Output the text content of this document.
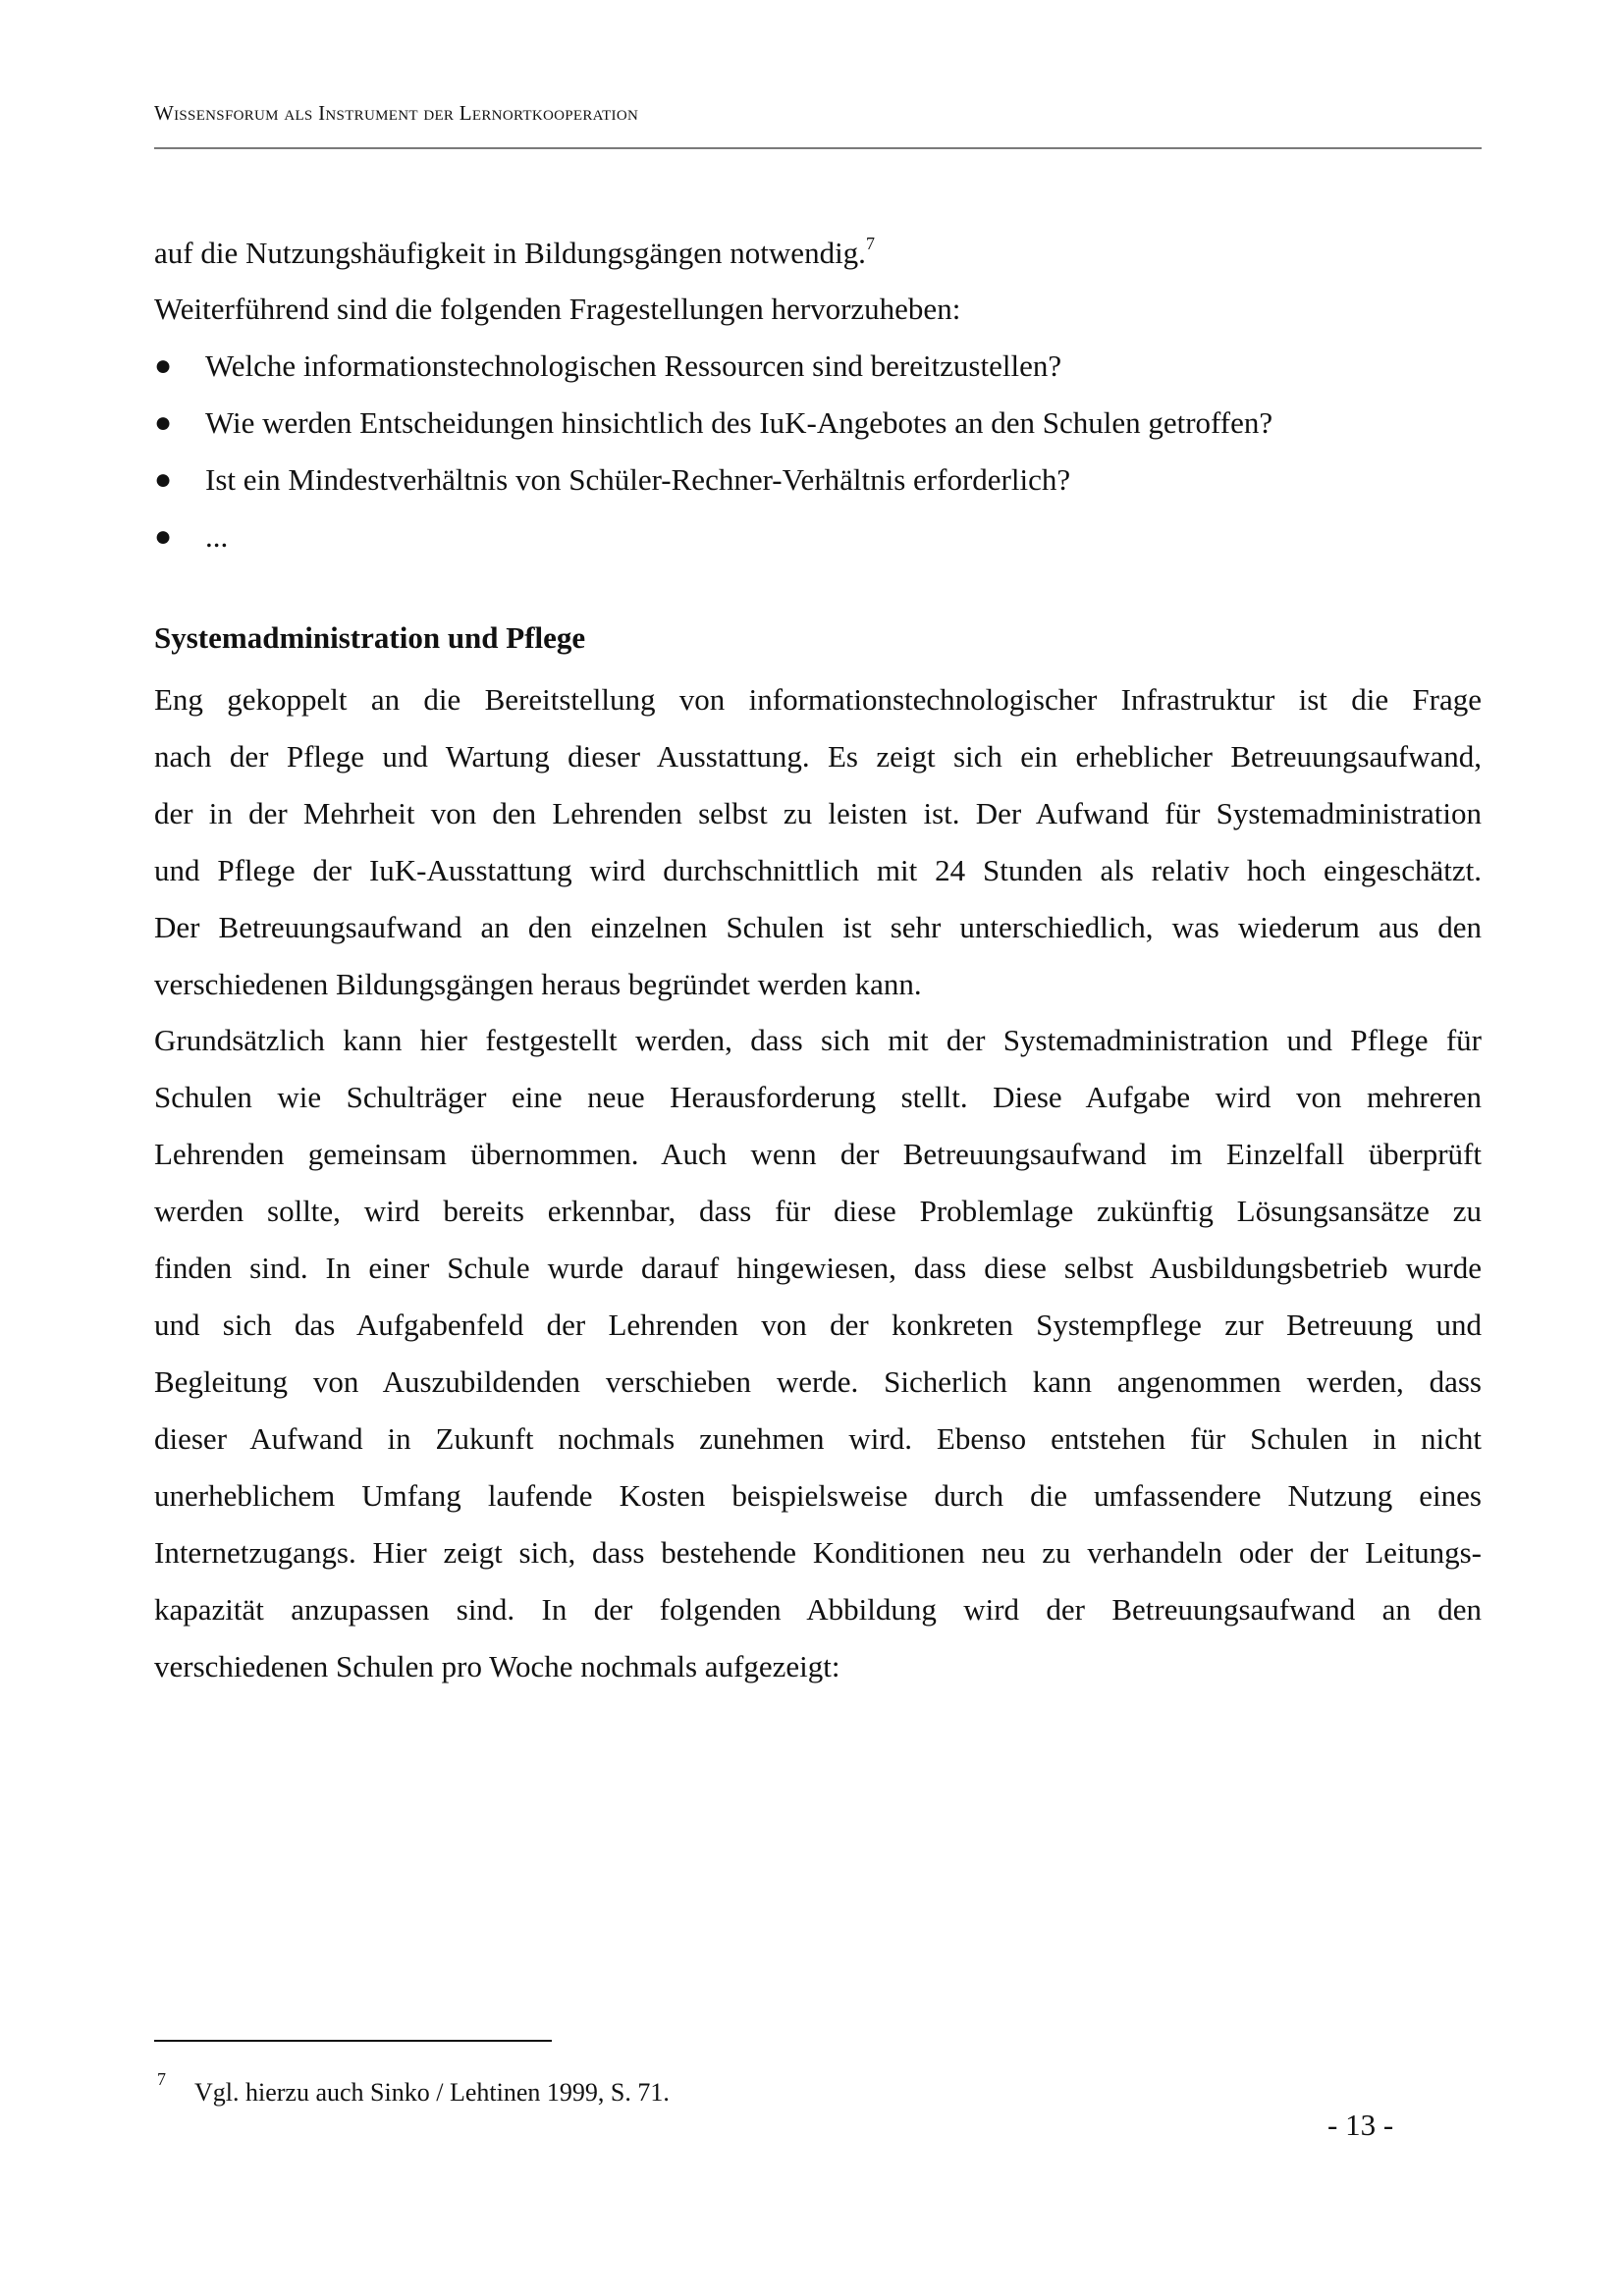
Wissensforum als Instrument der Lernortkooperation
auf die Nutzungshäufigkeit in Bildungsgängen notwendig.$^7$
Weiterführend sind die folgenden Fragestellungen hervorzuheben:
● Welche informationstechnologischen Ressourcen sind bereitzustellen?
● Wie werden Entscheidungen hinsichtlich des IuK-Angebotes an den Schulen getroffen?
● Ist ein Mindestverhältnis von Schüler-Rechner-Verhältnis erforderlich?
● ...
Systemadministration und Pflege
Eng gekoppelt an die Bereitstellung von informationstechnologischer Infrastruktur ist die Frage
nach der Pflege und Wartung dieser Ausstattung. Es zeigt sich ein erheblicher Betreuungsaufwand,
der in der Mehrheit von den Lehrenden selbst zu leisten ist. Der Aufwand für Systemadministration
und Pflege der IuK-Ausstattung wird durchschnittlich mit 24 Stunden als relativ hoch eingeschätzt.
Der Betreuungsaufwand an den einzelnen Schulen ist sehr unterschiedlich, was wiederum aus den
verschiedenen Bildungsgängen heraus begründet werden kann.
Grundsätzlich kann hier festgestellt werden, dass sich mit der Systemadministration und Pflege für
Schulen wie Schulträger eine neue Herausforderung stellt. Diese Aufgabe wird von mehreren
Lehrenden gemeinsam übernommen. Auch wenn der Betreuungsaufwand im Einzelfall überprüft
werden sollte, wird bereits erkennbar, dass für diese Problemlage zukünftig Lösungsansätze zu
finden sind. In einer Schule wurde darauf hingewiesen, dass diese selbst Ausbildungsbetrieb wurde
und sich das Aufgabenfeld der Lehrenden von der konkreten Systempflege zur Betreuung und
Begleitung von Auszubildenden verschieben werde. Sicherlich kann angenommen werden, dass
dieser Aufwand in Zukunft nochmals zunehmen wird. Ebenso entstehen für Schulen in nicht
unerheblichem Umfang laufende Kosten beispielsweise durch die umfassendere Nutzung eines
Internetzugangs. Hier zeigt sich, dass bestehende Konditionen neu zu verhandeln oder der Leitungs-
kapazität anzupassen sind. In der folgenden Abbildung wird der Betreuungsaufwand an den
verschiedenen Schulen pro Woche nochmals aufgezeigt:
7 Vgl. hierzu auch Sinko / Lehtinen 1999, S. 71.
- 13 -
